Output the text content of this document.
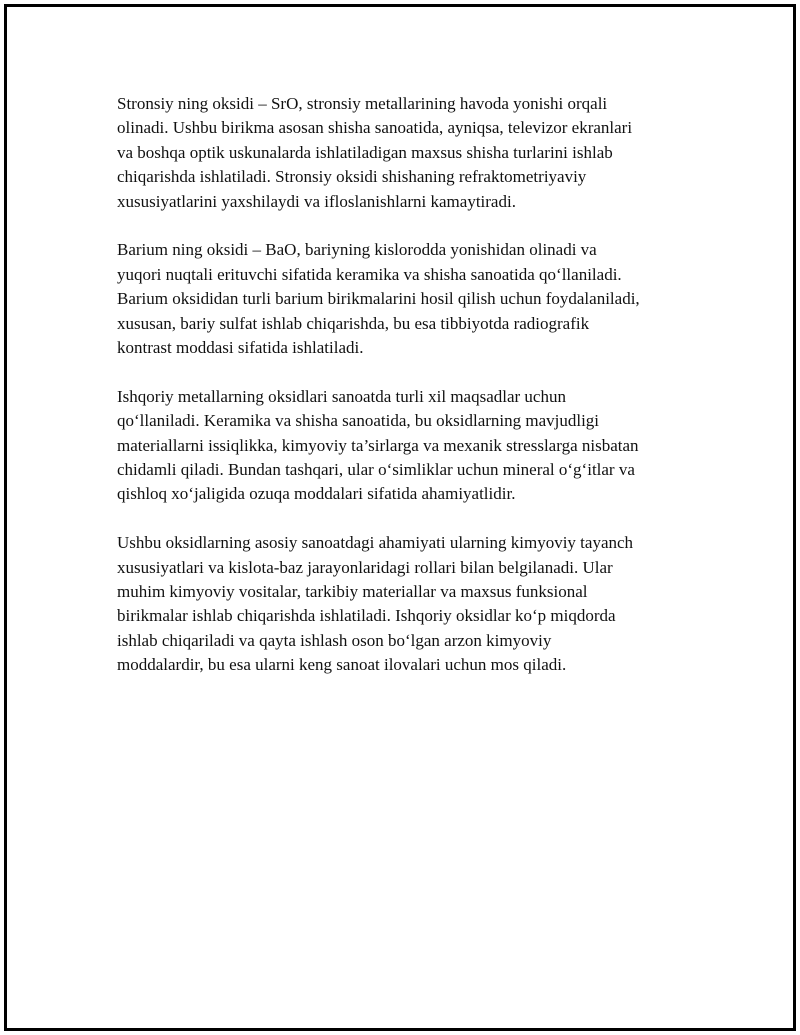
Stronsiy ning oksidi – SrO, stronsiy metallarining havoda yonishi orqali
olinadi. Ushbu birikma asosan shisha sanoatida, ayniqsa, televizor ekranlari
va boshqa optik uskunalarda ishlatiladigan maxsus shisha turlarini ishlab
chiqarishda ishlatiladi. Stronsiy oksidi shishaning refraktometriyaviy
xususiyatlarini yaxshilaydi va ifloslanishlarni kamaytiradi.

Barium ning oksidi – BaO, bariyning kislorodda yonishidan olinadi va
yuqori nuqtali erituvchi sifatida keramika va shisha sanoatida qo‘llaniladi.
Barium oksididan turli barium birikmalarini hosil qilish uchun foydalaniladi,
xususan, bariy sulfat ishlab chiqarishda, bu esa tibbiyotda radiografik
kontrast moddasi sifatida ishlatiladi.

Ishqoriy metallarning oksidlari sanoatda turli xil maqsadlar uchun
qo‘llaniladi. Keramika va shisha sanoatida, bu oksidlarning mavjudligi
materiallarni issiqlikka, kimyoviy ta’sirlarga va mexanik stresslarga nisbatan
chidamli qiladi. Bundan tashqari, ular o‘simliklar uchun mineral o‘g‘itlar va
qishloq xo‘jaligida ozuqa moddalari sifatida ahamiyatlidir.

Ushbu oksidlarning asosiy sanoatdagi ahamiyati ularning kimyoviy tayanch
xususiyatlari va kislota-baz jarayonlaridagi rollari bilan belgilanadi. Ular
muhim kimyoviy vositalar, tarkibiy materiallar va maxsus funksional
birikmalar ishlab chiqarishda ishlatiladi. Ishqoriy oksidlar ko‘p miqdorda
ishlab chiqariladi va qayta ishlash oson bo‘lgan arzon kimyoviy
moddalardir, bu esa ularni keng sanoat ilovalari uchun mos qiladi.
